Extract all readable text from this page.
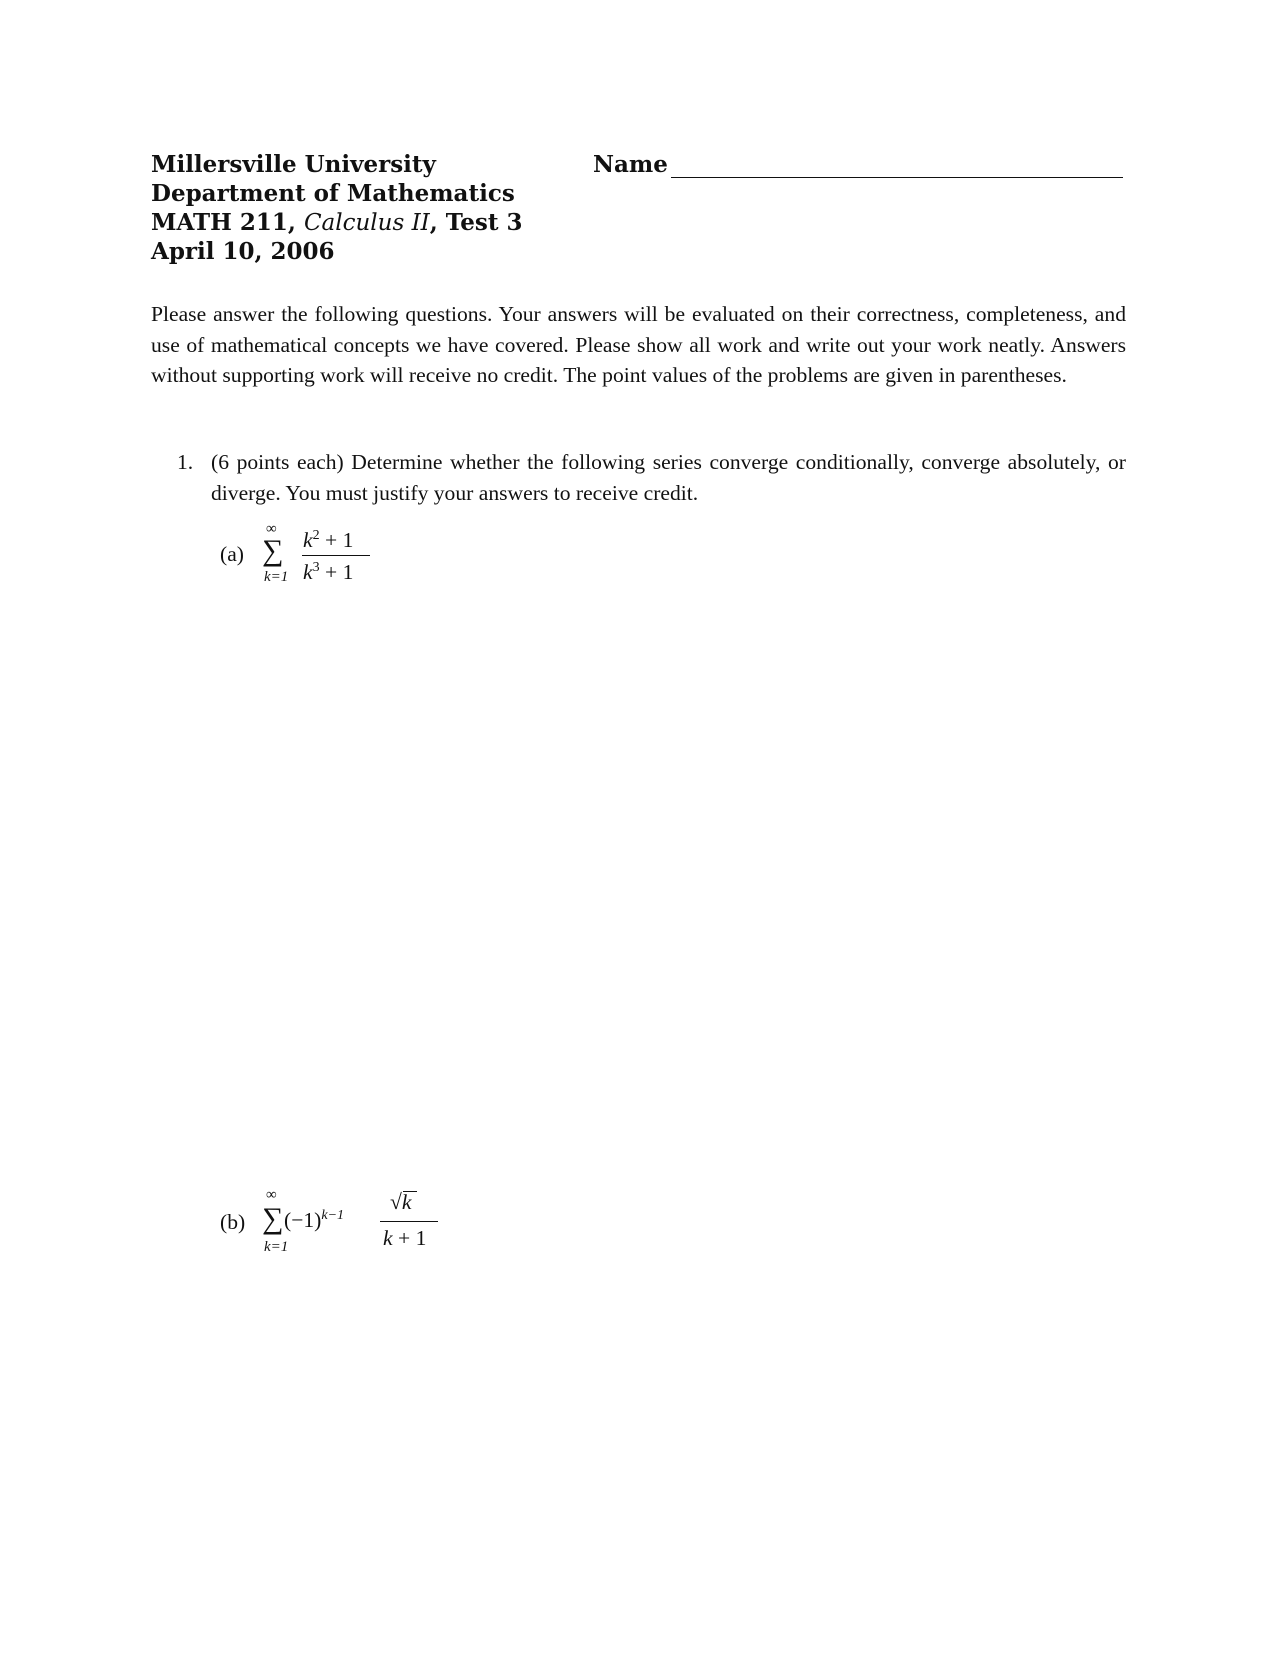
Millersville University
Department of Mathematics
MATH 211, Calculus II, Test 3
April 10, 2006
Name
Please answer the following questions. Your answers will be evaluated on their correctness, completeness, and use of mathematical concepts we have covered. Please show all work and write out your work neatly. Answers without supporting work will receive no credit. The point values of the problems are given in parentheses.
1. (6 points each) Determine whether the following series converge conditionally, converge absolutely, or diverge. You must justify your answers to receive credit.
(a)
∞
∑
k=1
$k^2 + 1$
$k^3 + 1$
(b)
∞
∑
k=1
$(-1)^{k-1}$
√k
k + 1
